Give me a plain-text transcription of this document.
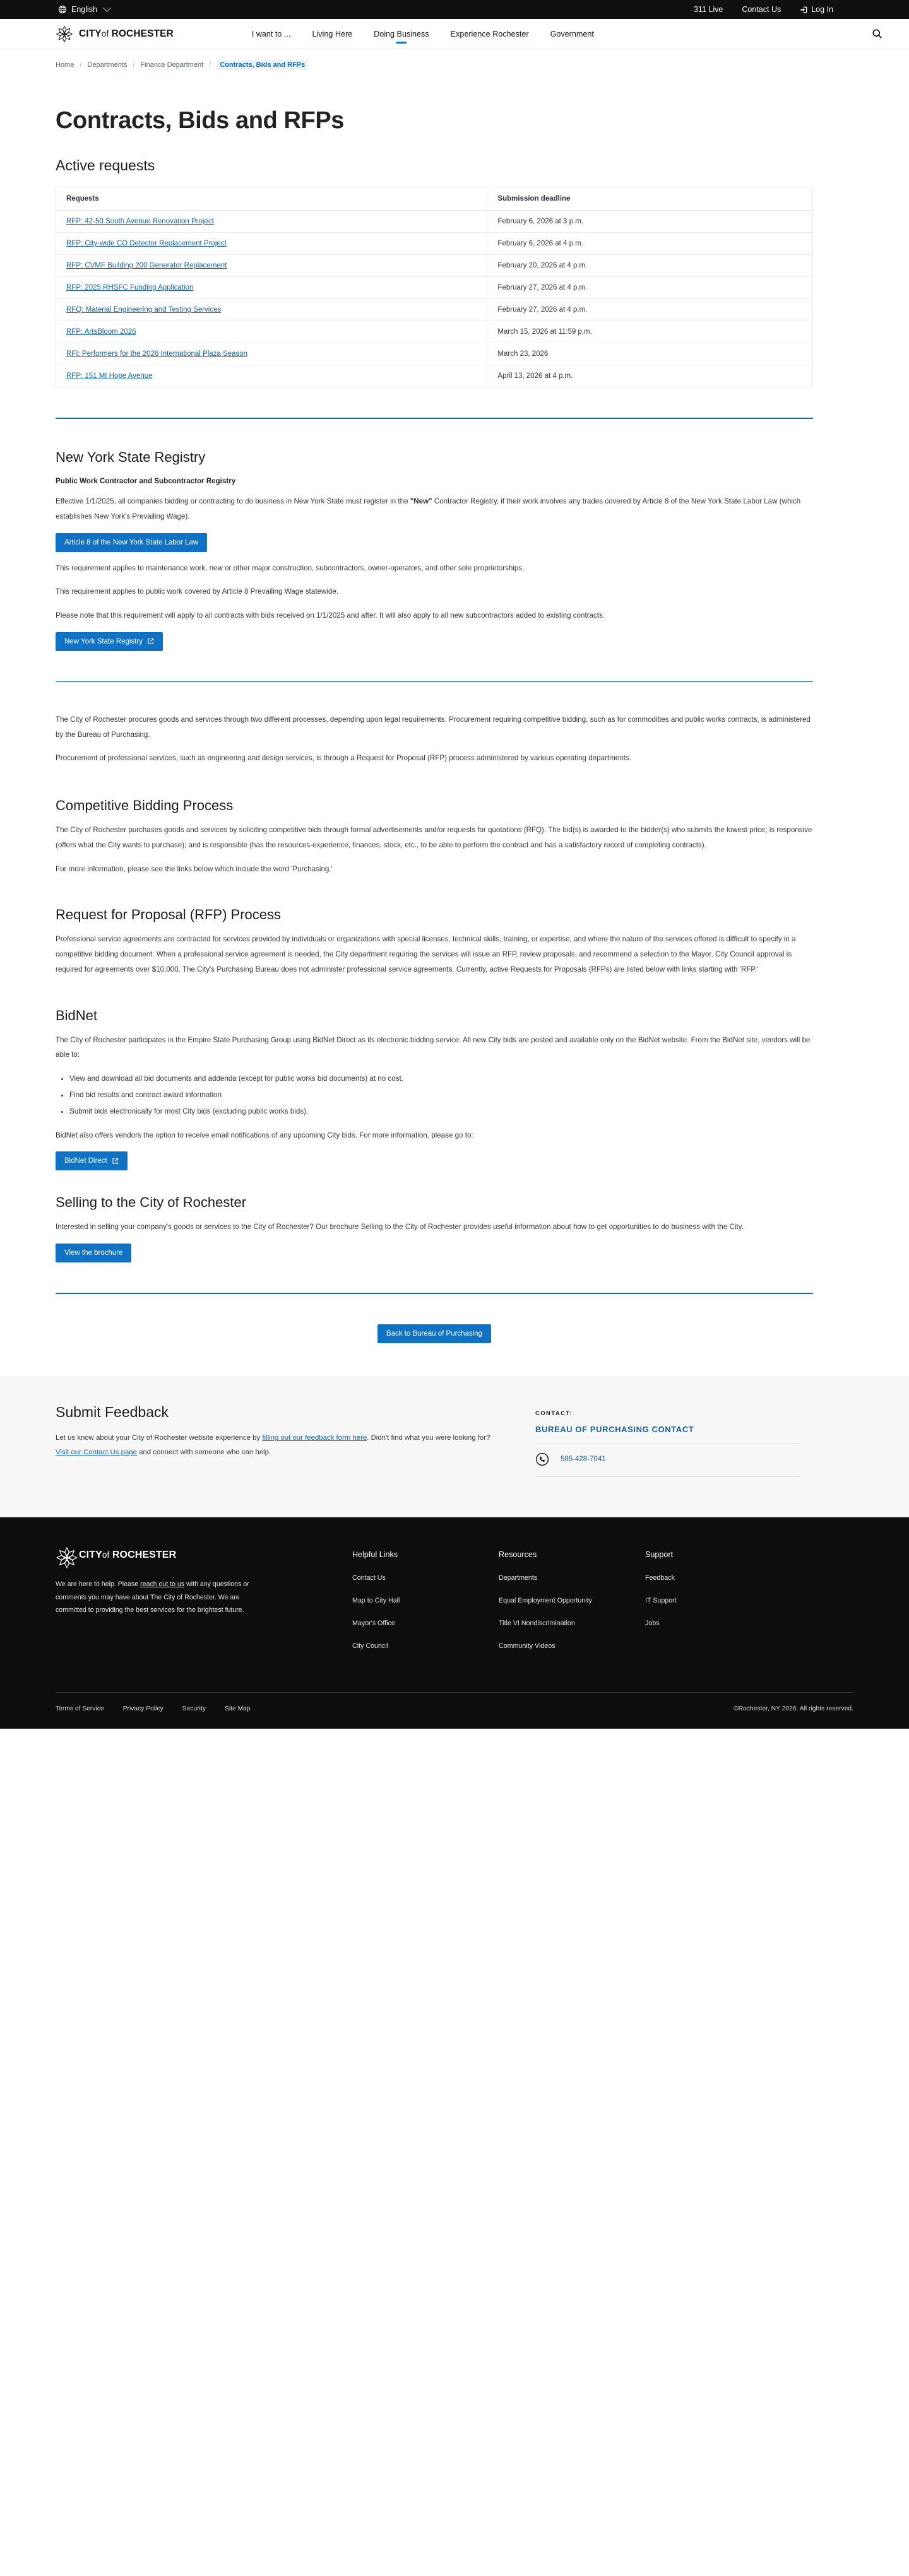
English	311 Live Contact Us	Log In
CITYof ROCHESTER	I want to ...	Living Here	Doing Business	Experience Rochester	Government
Home / Departments / Finance Department /	Contracts, Bids and RFPs
Contracts, Bids and RFPs
Active requests
Requests	Submission deadline
RFP: 42-50 South Avenue Renovation Project	February 6, 2026 at 3 p.m.
RFP: City-wide CO Detector Replacement Project	February 6, 2026 at 4 p.m.
RFP: CVMF Building 200 Generator Replacement	February 20, 2026 at 4 p.m.
RFP: 2025 RHSFC Funding Application	February 27, 2026 at 4 p.m.
RFQ: Material Engineering and Testing Services	February 27, 2026 at 4 p.m.
RFP: ArtsBloom 2026	March 15, 2026 at 11:59 p.m.
RFI: Performers for the 2026 International Plaza Season	March 23, 2026
RFP: 151 Mt Hope Avenue	April 13, 2026 at 4 p.m.
New York State Registry

Public Work Contractor and Subcontractor Registry

Effective 1/1/2025, all companies bidding or contracting to do business in New York State must register in the "New" Contractor Registry, if their work involves any trades covered by Article 8 of the New York State Labor Law (which establishes New York's Prevailing Wage).

Article 8 of the New York State Labor Law

This requirement applies to maintenance work, new or other major construction, subcontractors, owner-operators, and other sole proprietorships.

This requirement applies to public work covered by Article 8 Prevailing Wage statewide.

Please note that this requirement will apply to all contracts with bids received on 1/1/2025 and after. It will also apply to all new subcontractors added to existing contracts.

New York State Registry

The City of Rochester procures goods and services through two different processes, depending upon legal requirements. Procurement requiring competitive bidding, such as for commodities and public works contracts, is administered by the Bureau of Purchasing.

Procurement of professional services, such as engineering and design services, is through a Request for Proposal (RFP) process administered by various operating departments.

Competitive Bidding Process

The City of Rochester purchases goods and services by soliciting competitive bids through formal advertisements and/or requests for quotations (RFQ). The bid(s) is awarded to the bidder(s) who submits the lowest price; is responsive (offers what the City wants to purchase); and is responsible (has the resources-experience, finances, stock, etc., to be able to perform the contract and has a satisfactory record of completing contracts).

For more information, please see the links below which include the word 'Purchasing.'

Request for Proposal (RFP) Process

Professional service agreements are contracted for services provided by individuals or organizations with special licenses, technical skills, training, or expertise, and where the nature of the services offered is difficult to specify in a competitive bidding document. When a professional service agreement is needed, the City department requiring the services will issue an RFP, review proposals, and recommend a selection to the Mayor. City Council approval is required for agreements over $10,000. The City's Purchasing Bureau does not administer professional service agreements. Currently, active Requests for Proposals (RFPs) are listed below with links starting with 'RFP.'

BidNet

The City of Rochester participates in the Empire State Purchasing Group using BidNet Direct as its electronic bidding service. All new City bids are posted and available only on the BidNet website. From the BidNet site, vendors will be able to:

• View and download all bid documents and addenda (except for public works bid documents) at no cost.
• Find bid results and contract award information
• Submit bids electronically for most City bids (excluding public works bids).

BidNet also offers vendors the option to receive email notifications of any upcoming City bids. For more information, please go to:

BidNet Direct
Selling to the City of Rochester

Interested in selling your company's goods or services to the City of Rochester? Our brochure Selling to the City of Rochester provides useful information about how to get opportunities to do business with the City.

View the brochure
Back to Bureau of Purchasing
Submit Feedback

Let us know about your City of Rochester website experience by filling out our feedback form here. Didn't find what you were looking for? Visit our Contact Us page and connect with someone who can help.

CONTACT:
BUREAU OF PURCHASING CONTACT
585-428-7041
CITYof ROCHESTER

We are here to help. Please reach out to us with any questions or comments you may have about The City of Rochester. We are committed to providing the best services for the brightest future.

Helpful Links
Contact Us
Map to City Hall
Mayor's Office
City Council
Resources
Departments
Equal Employment Opportunity
Title VI Nondiscrimination
Community Videos
Support
Feedback
IT Support
Jobs
Terms of Service	Privacy Policy	Security	Site Map	©Rochester, NY 2026. All rights reserved.
